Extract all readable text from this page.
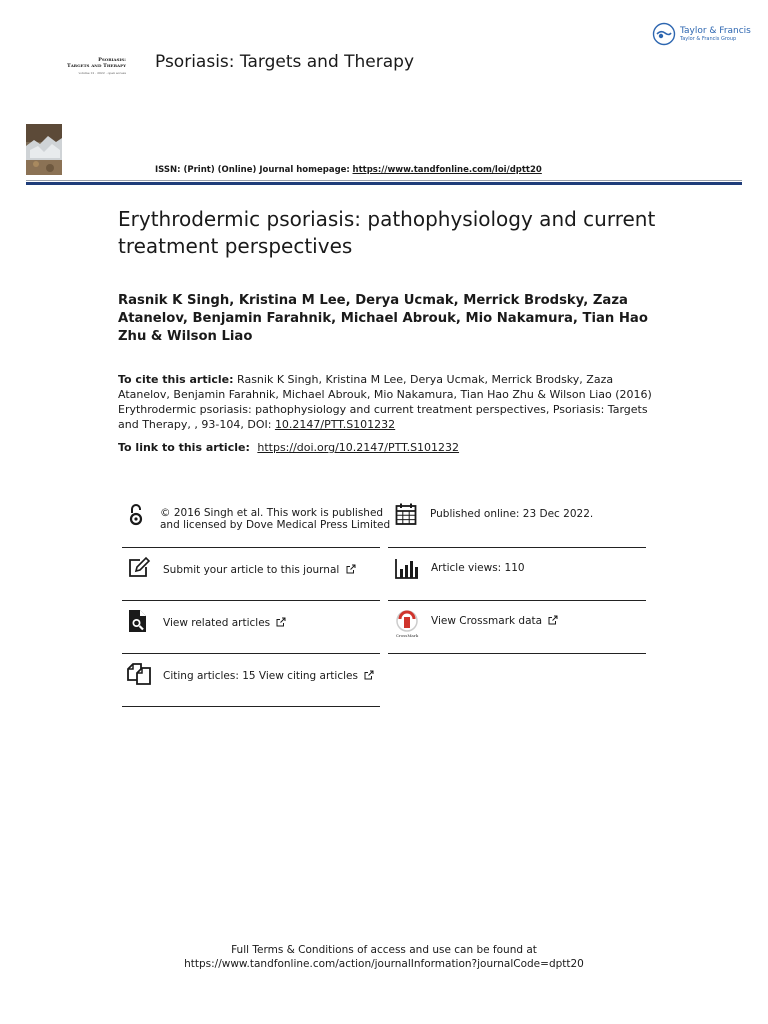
Taylor & Francis
Taylor & Francis Group
Psoriasis:
Targets and Therapy
volume 12 · 2022 · open access
Psoriasis: Targets and Therapy
ISSN: (Print) (Online) Journal homepage: https://www.tandfonline.com/loi/dptt20
Erythrodermic psoriasis: pathophysiology and current treatment perspectives
Rasnik K Singh, Kristina M Lee, Derya Ucmak, Merrick Brodsky, Zaza Atanelov, Benjamin Farahnik, Michael Abrouk, Mio Nakamura, Tian Hao Zhu & Wilson Liao
To cite this article: Rasnik K Singh, Kristina M Lee, Derya Ucmak, Merrick Brodsky, Zaza Atanelov, Benjamin Farahnik, Michael Abrouk, Mio Nakamura, Tian Hao Zhu & Wilson Liao (2016) Erythrodermic psoriasis: pathophysiology and current treatment perspectives, Psoriasis: Targets and Therapy, , 93-104, DOI: 10.2147/PTT.S101232
To link to this article: https://doi.org/10.2147/PTT.S101232
© 2016 Singh et al. This work is published
and licensed by Dove Medical Press Limited
Published online: 23 Dec 2022.
Submit your article to this journal	Article views: 110
View related articles
CrossMark
View Crossmark data
Citing articles: 15 View citing articles
Full Terms & Conditions of access and use can be found at
https://www.tandfonline.com/action/journalInformation?journalCode=dptt20
